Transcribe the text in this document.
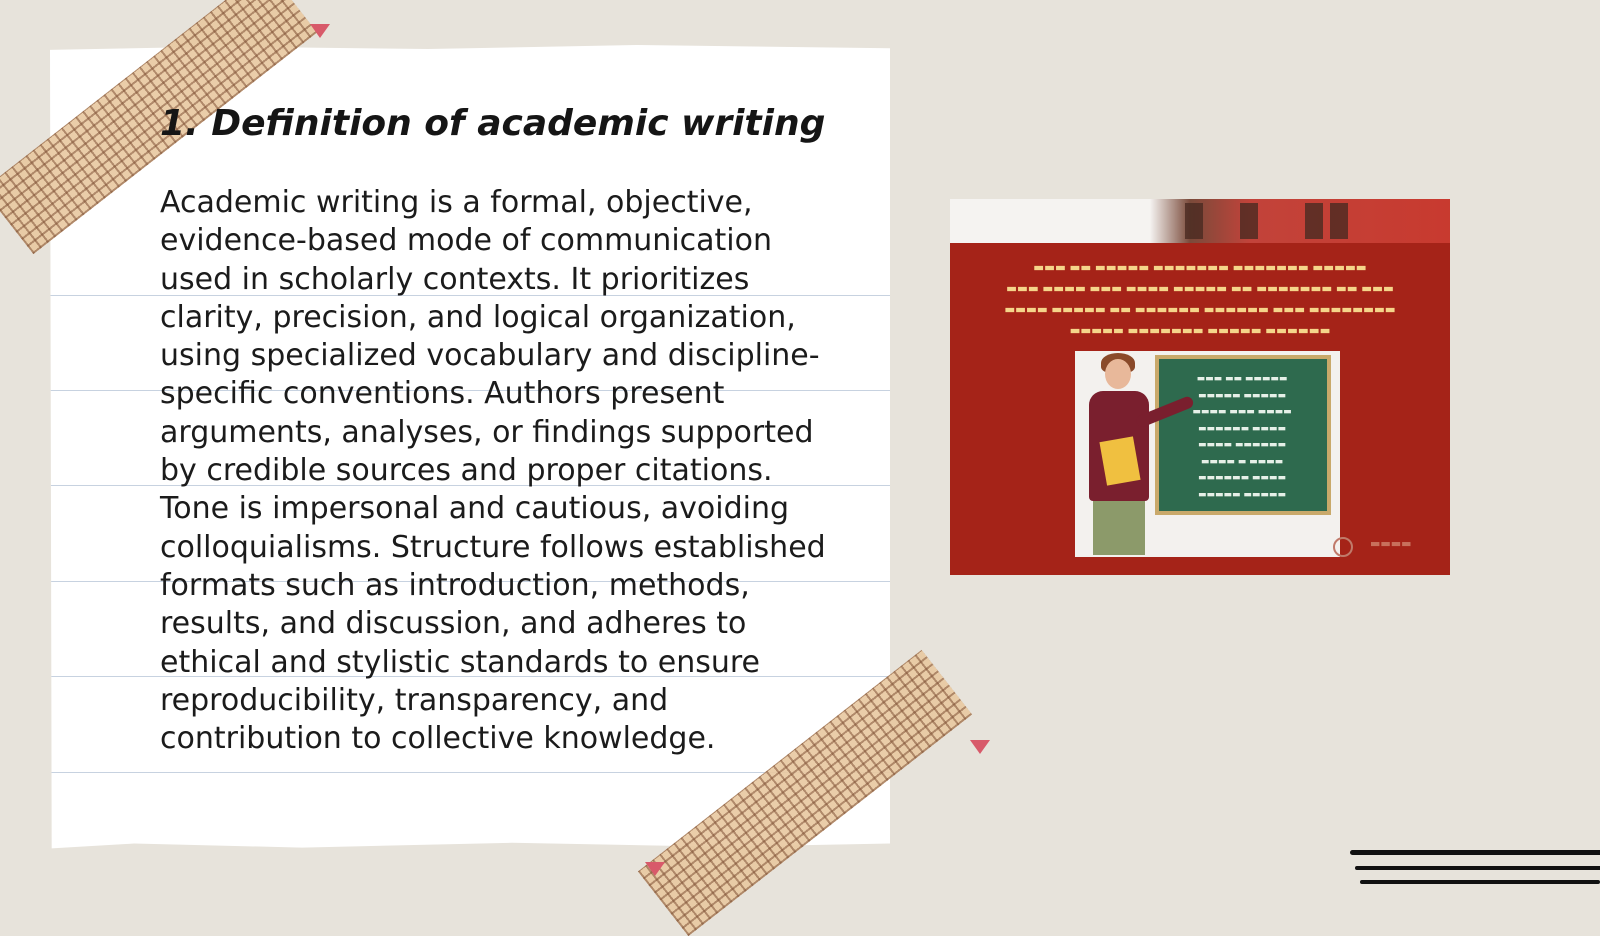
1. Definition of academic writing

Academic writing is a formal, objective, evidence-based mode of communication used in scholarly contexts. It prioritizes clarity, precision, and logical organization, using specialized vocabulary and discipline-specific conventions. Authors present arguments, analyses, or findings supported by credible sources and proper citations. Tone is impersonal and cautious, avoiding colloquialisms. Structure follows established formats such as introduction, methods, results, and discussion, and adheres to ethical and stylistic standards to ensure reproducibility, transparency, and contribution to collective knowledge.

▬▬▬ ▬▬ ▬▬▬▬▬ ▬▬▬▬▬▬▬ ▬▬▬▬▬▬▬ ▬▬▬▬▬
▬▬▬ ▬▬▬▬ ▬▬▬ ▬▬▬▬ ▬▬▬▬▬ ▬▬ ▬▬▬▬▬▬▬ ▬▬ ▬▬▬
▬▬▬▬ ▬▬▬▬▬ ▬▬ ▬▬▬▬▬▬ ▬▬▬▬▬▬ ▬▬▬ ▬▬▬▬▬▬▬▬
▬▬▬▬▬ ▬▬▬▬▬▬▬ ▬▬▬▬▬ ▬▬▬▬▬▬
▬▬▬ ▬▬ ▬▬▬▬▬
▬▬▬▬▬ ▬▬▬▬▬
▬▬▬▬ ▬▬▬ ▬▬▬▬
▬▬▬▬▬▬ ▬▬▬▬
▬▬▬▬ ▬▬▬▬▬▬
▬▬▬▬ ▬ ▬▬▬▬
▬▬▬▬▬▬ ▬▬▬▬
▬▬▬▬▬ ▬▬▬▬▬
▬▬▬▬
